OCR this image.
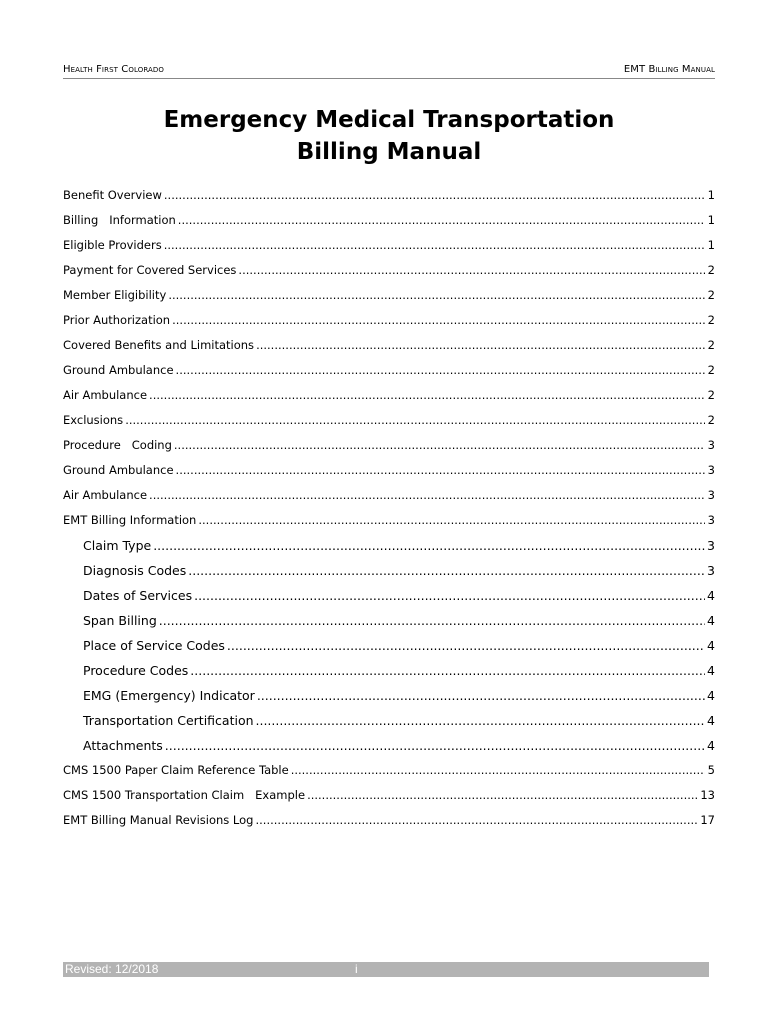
Health First Colorado	EMT Billing Manual
Emergency Medical Transportation Billing Manual
Benefit Overview .....	1
Billing   Information .....	1
Eligible Providers .....	1
Payment for Covered Services .....	2
Member Eligibility .....	2
Prior Authorization .....	2
Covered Benefits and Limitations .....	2
Ground Ambulance .....	2
Air Ambulance .....	2
Exclusions .....	2
Procedure   Coding .....	3
Ground Ambulance .....	3
Air Ambulance .....	3
EMT Billing Information .....	3
Claim Type .....	3
Diagnosis Codes .....	3
Dates of Services .....	4
Span Billing .....	4
Place of Service Codes .....	4
Procedure Codes .....	4
EMG (Emergency) Indicator .....	4
Transportation Certification .....	4
Attachments .....	4
CMS 1500 Paper Claim Reference Table .....	5
CMS 1500 Transportation Claim   Example .....	13
EMT Billing Manual Revisions Log .....	17
Revised: 12/2018	i
